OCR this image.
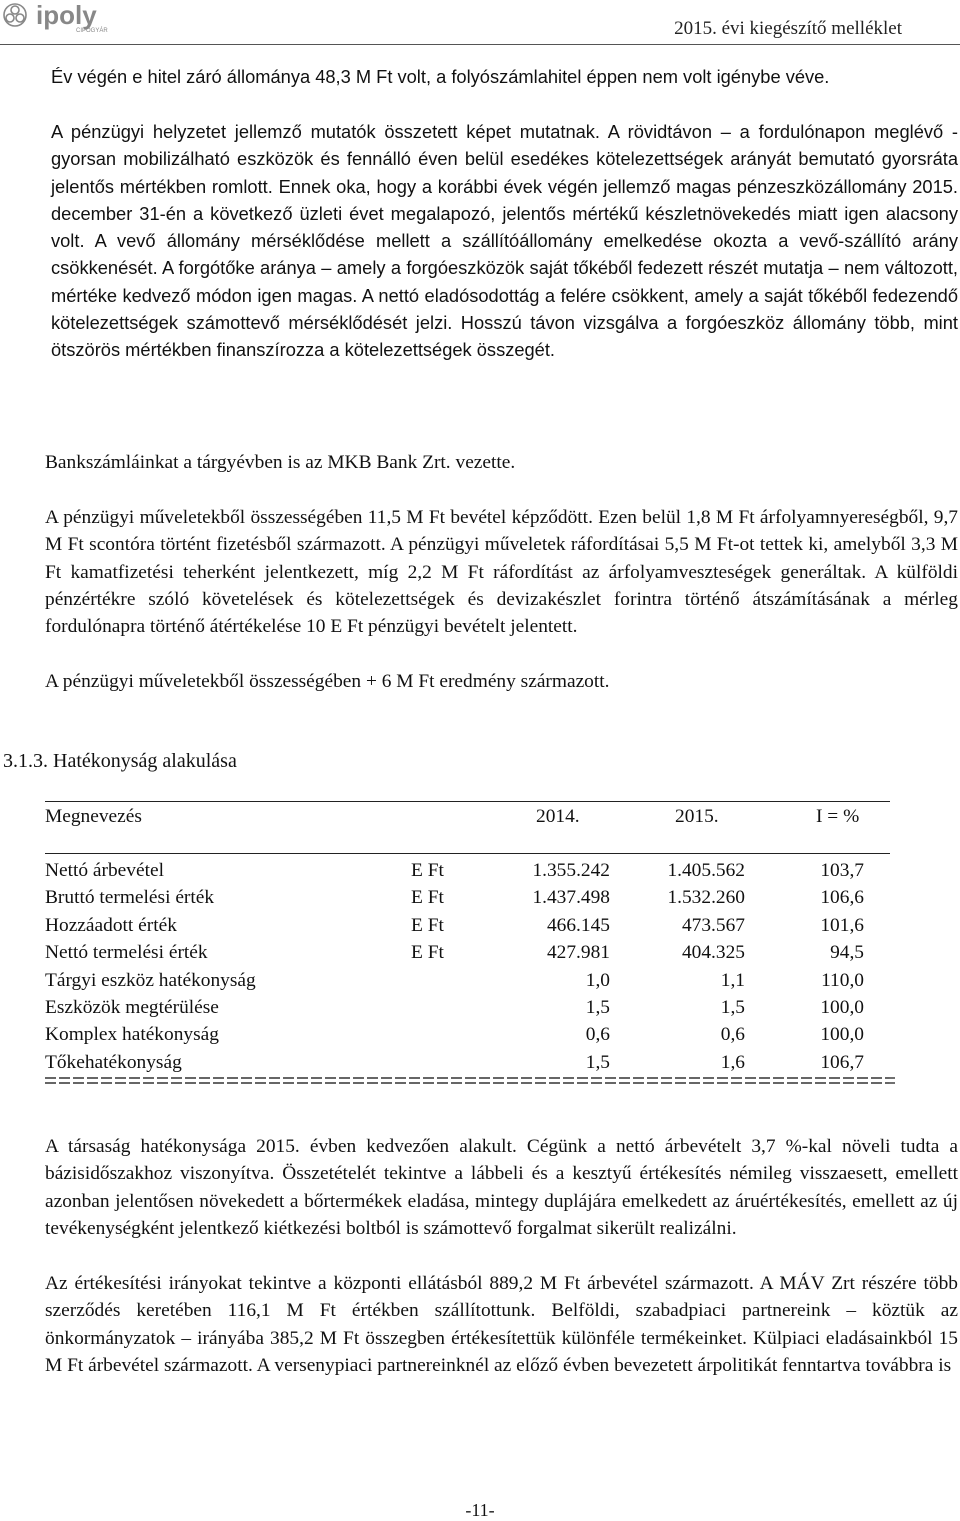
ipoly
CIPŐGYÁR	2015. évi kiegészítő melléklet

Év végén e hitel záró állománya 48,3 M Ft volt, a folyószámlahitel éppen nem volt igénybe véve.

A pénzügyi helyzetet jellemző mutatók összetett képet mutatnak. A rövidtávon – a fordulónapon meglévő - gyorsan mobilizálható eszközök és fennálló éven belül esedékes kötelezettségek arányát bemutató gyorsráta jelentős mértékben romlott. Ennek oka, hogy a korábbi évek végén jellemző magas pénzeszközállomány 2015. december 31-én a következő üzleti évet megalapozó, jelentős mértékű készletnövekedés miatt igen alacsony volt. A vevő állomány mérséklődése mellett a szállítóállomány emelkedése okozta a vevő-szállító arány csökkenését. A forgótőke aránya – amely a forgóeszközök saját tőkéből fedezett részét mutatja – nem változott, mértéke kedvező módon igen magas. A nettó eladósodottág a felére csökkent, amely a saját tőkéből fedezendő kötelezettségek számottevő mérséklődését jelzi. Hosszú távon vizsgálva a forgóeszköz állomány több, mint ötszörös mértékben finanszírozza a kötelezettségek összegét.

Bankszámláinkat a tárgyévben is az MKB Bank Zrt. vezette.

A pénzügyi műveletekből összességében 11,5 M Ft bevétel képződött. Ezen belül 1,8 M Ft árfolyamnyereségből, 9,7 M Ft scontóra történt fizetésből származott. A pénzügyi műveletek ráfordításai 5,5 M Ft-ot tettek ki, amelyből 3,3 M Ft kamatfizetési teherként jelentkezett, míg 2,2 M Ft ráfordítást az árfolyamveszteségek generáltak. A külföldi pénzértékre szóló követelések és kötelezettségek és devizakészlet forintra történő átszámításának a mérleg fordulónapra történő átértékelése 10 E Ft pénzügyi bevételt jelentett.

A pénzügyi műveletekből összességében + 6 M Ft eredmény származott.

3.1.3. Hatékonyság alakulása
Megnevezés	2014.	2015.	I = %
Nettó árbevétel	E Ft	1.355.242	1.405.562	103,7
Bruttó termelési érték	E Ft	1.437.498	1.532.260	106,6
Hozzáadott érték	E Ft	466.145	473.567	101,6
Nettó termelési érték	E Ft	427.981	404.325	94,5
Tárgyi eszköz hatékonyság	1,0	1,1	110,0
Eszközök megtérülése	1,5	1,5	100,0
Komplex hatékonyság	0,6	0,6	100,0
Tőkehatékonyság	1,5	1,6	106,7

A társaság hatékonysága 2015. évben kedvezően alakult. Cégünk a nettó árbevételt 3,7 %-kal növeli tudta a bázisidőszakhoz viszonyítva. Összetételét tekintve a lábbeli és a kesztyű értékesítés némileg visszaesett, emellett azonban jelentősen növekedett a bőrtermékek eladása, mintegy duplájára emelkedett az áruértékesítés, emellett az új tevékenységként jelentkező kiétkezési boltból is számottevő forgalmat sikerült realizálni.

Az értékesítési irányokat tekintve a központi ellátásból 889,2 M Ft árbevétel származott. A MÁV Zrt részére több szerződés keretében 116,1 M Ft értékben szállítottunk. Belföldi, szabadpiaci partnereink – köztük az önkormányzatok – irányába 385,2 M Ft összegben értékesítettük különféle termékeinket. Külpiaci eladásainkból 15 M Ft árbevétel származott. A versenypiaci partnereinknél az előző évben bevezetett árpolitikát fenntartva továbbra is

-11-
